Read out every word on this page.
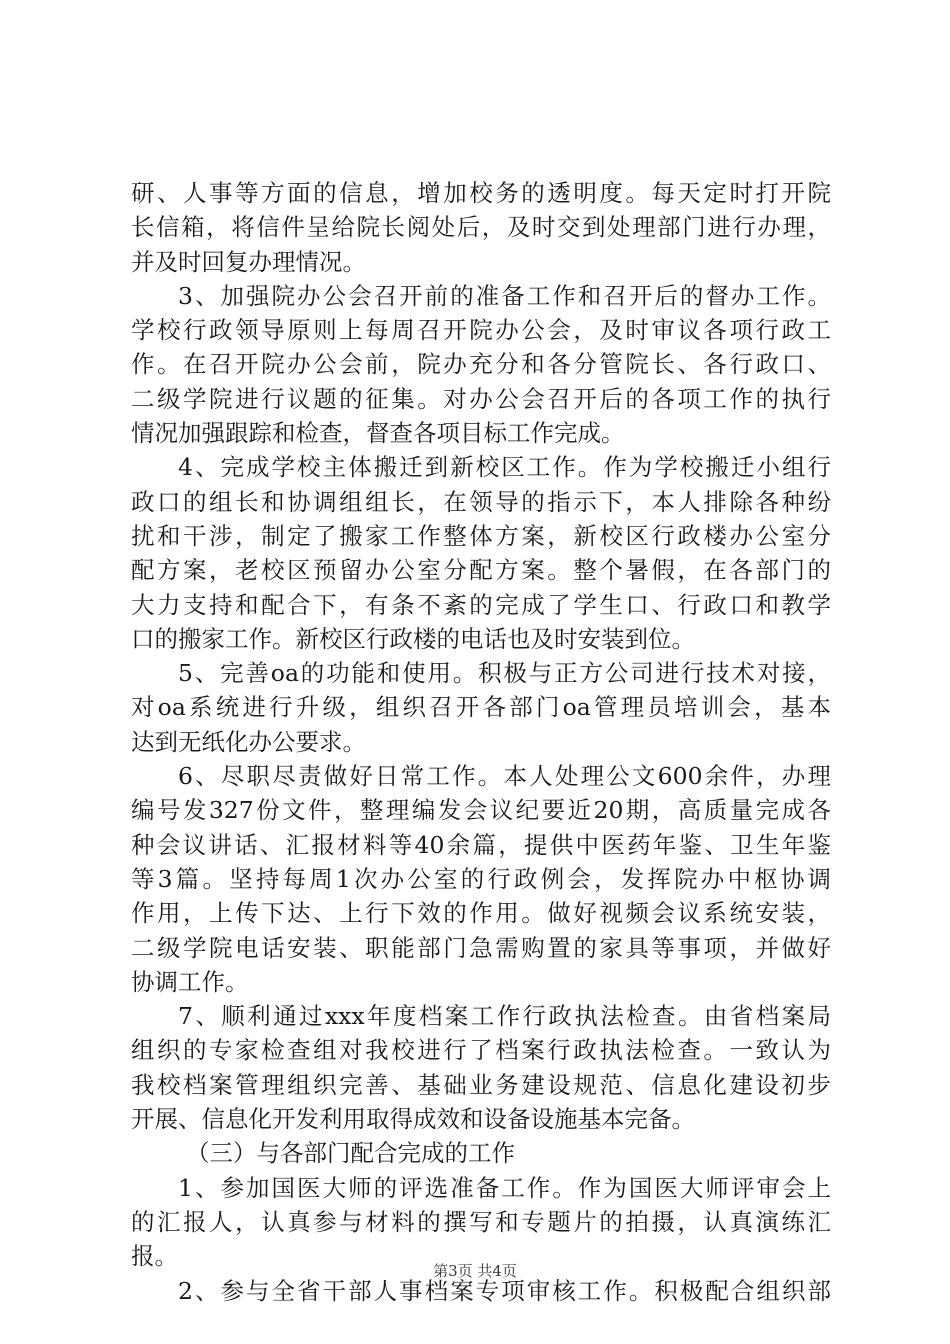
研、人事等方面的信息，增加校务的透明度。每天定时打开院
长信箱，将信件呈给院长阅处后，及时交到处理部门进行办理，
并及时回复办理情况。
3、加强院办公会召开前的准备工作和召开后的督办工作。
学校行政领导原则上每周召开院办公会，及时审议各项行政工
作。在召开院办公会前，院办充分和各分管院长、各行政口、
二级学院进行议题的征集。对办公会召开后的各项工作的执行
情况加强跟踪和检查，督查各项目标工作完成。
4、完成学校主体搬迁到新校区工作。作为学校搬迁小组行
政口的组长和协调组组长，在领导的指示下，本人排除各种纷
扰和干涉，制定了搬家工作整体方案，新校区行政楼办公室分
配方案，老校区预留办公室分配方案。整个暑假，在各部门的
大力支持和配合下，有条不紊的完成了学生口、行政口和教学
口的搬家工作。新校区行政楼的电话也及时安装到位。
5、完善oa的功能和使用。积极与正方公司进行技术对接，
对oa系统进行升级，组织召开各部门oa管理员培训会，基本
达到无纸化办公要求。
6、尽职尽责做好日常工作。本人处理公文600余件，办理
编号发327份文件，整理编发会议纪要近20期，高质量完成各
种会议讲话、汇报材料等40余篇，提供中医药年鉴、卫生年鉴
等3篇。坚持每周1次办公室的行政例会，发挥院办中枢协调
作用，上传下达、上行下效的作用。做好视频会议系统安装，
二级学院电话安装、职能部门急需购置的家具等事项，并做好
协调工作。
7、顺利通过xxx年度档案工作行政执法检查。由省档案局
组织的专家检查组对我校进行了档案行政执法检查。一致认为
我校档案管理组织完善、基础业务建设规范、信息化建设初步
开展、信息化开发利用取得成效和设备设施基本完备。
（三）与各部门配合完成的工作
1、参加国医大师的评选准备工作。作为国医大师评审会上
的汇报人，认真参与材料的撰写和专题片的拍摄，认真演练汇
报。
2、参与全省干部人事档案专项审核工作。积极配合组织部
第3页 共4页
